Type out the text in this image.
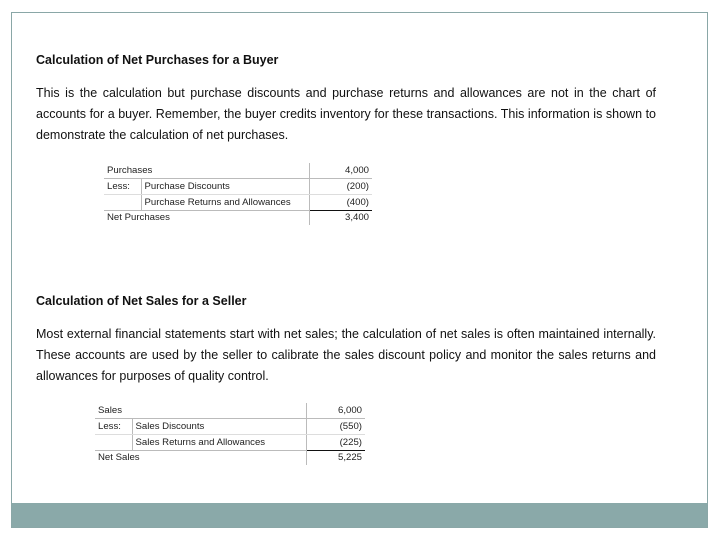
Calculation of Net Purchases for a Buyer
This is the calculation but purchase discounts and purchase returns and allowances are not in the chart of accounts for a buyer. Remember, the buyer credits inventory for these transactions. This information is shown to demonstrate the calculation of net purchases.
Purchases		4,000
Less:	Purchase Discounts	(200)
	Purchase Returns and Allowances	(400)
Net Purchases		3,400
Calculation of Net Sales for a Seller
Most external financial statements start with net sales; the calculation of net sales is often maintained internally. These accounts are used by the seller to calibrate the sales discount policy and monitor the sales returns and allowances for purposes of quality control.
Sales		6,000
Less:	Sales Discounts	(550)
	Sales Returns and Allowances	(225)
Net Sales		5,225
